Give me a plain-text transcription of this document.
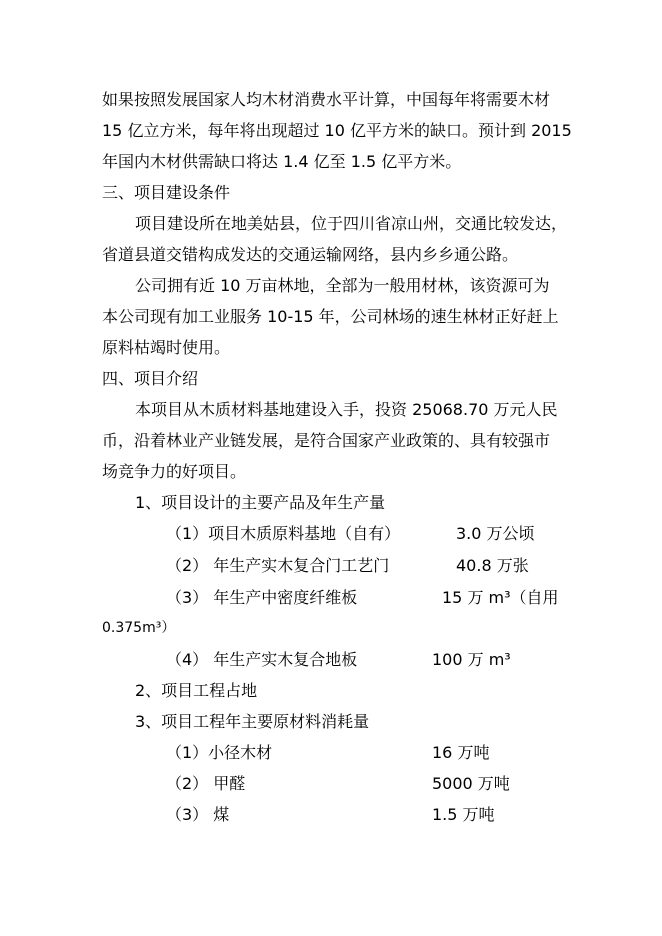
如果按照发展国家人均木材消费水平计算，中国每年将需要木材
15 亿立方米，每年将出现超过 10 亿平方米的缺口。预计到 2015
年国内木材供需缺口将达 1.4 亿至 1.5 亿平方米。
三、项目建设条件
项目建设所在地美姑县，位于四川省凉山州，交通比较发达，
省道县道交错构成发达的交通运输网络，县内乡乡通公路。
公司拥有近 10 万亩林地，全部为一般用材林，该资源可为
本公司现有加工业服务 10-15 年，公司林场的速生林材正好赶上
原料枯竭时使用。
四、项目介绍
本项目从木质材料基地建设入手，投资 25068.70 万元人民
币，沿着林业产业链发展，是符合国家产业政策的、具有较强市
场竞争力的好项目。
1、项目设计的主要产品及年生产量
（1）项目木质原料基地（自有）	3.0 万公顷
（2） 年生产实木复合门工艺门	40.8 万张
（3） 年生产中密度纤维板	15 万 m³（自用
0.375m³）
（4） 年生产实木复合地板	100 万 m³
2、项目工程占地
3、项目工程年主要原材料消耗量
（1）小径木材	16 万吨
（2） 甲醛	5000 万吨
（3） 煤	1.5 万吨
